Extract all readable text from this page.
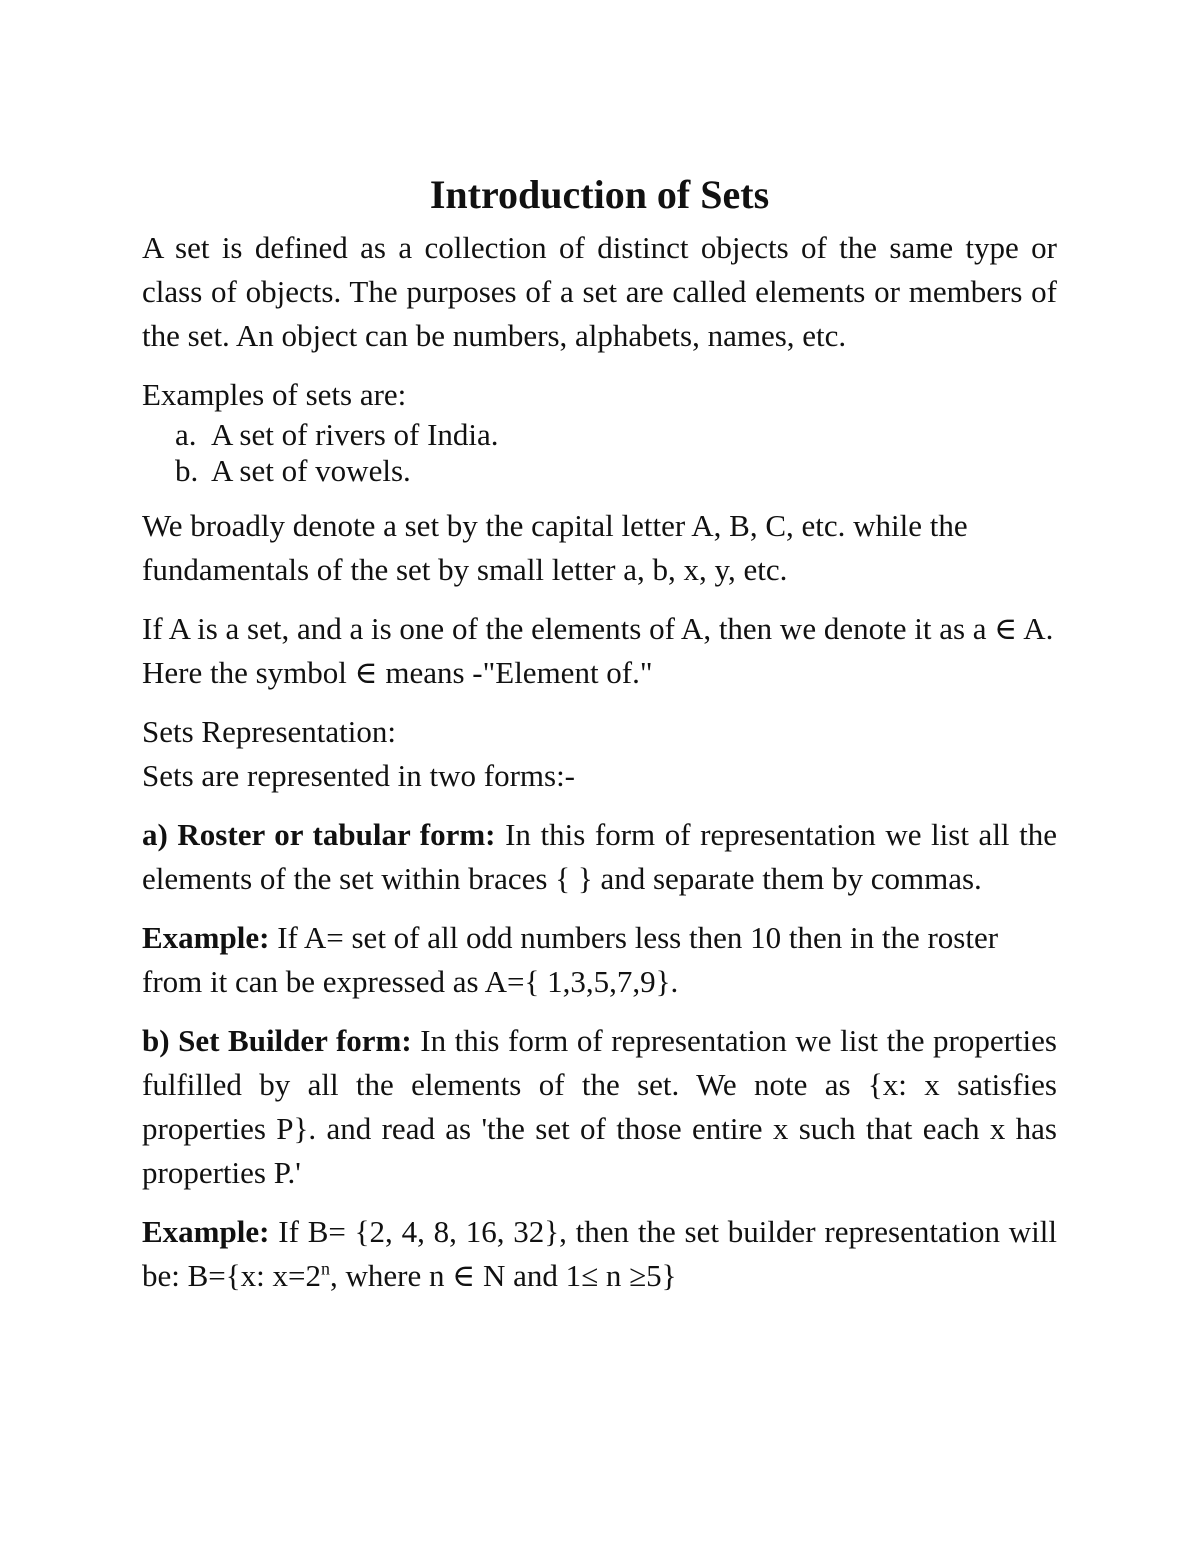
Introduction of Sets

A set is defined as a collection of distinct objects of the same type or class of objects. The purposes of a set are called elements or members of the set. An object can be numbers, alphabets, names, etc.

Examples of sets are:

a. A set of rivers of India.
b. A set of vowels.

We broadly denote a set by the capital letter A, B, C, etc. while the fundamentals of the set by small letter a, b, x, y, etc.

If A is a set, and a is one of the elements of A, then we denote it as a ∈ A. Here the symbol ∈ means -"Element of."

Sets Representation:

Sets are represented in two forms:-

a) Roster or tabular form: In this form of representation we list all the elements of the set within braces { } and separate them by commas.

Example: If A= set of all odd numbers less then 10 then in the roster from it can be expressed as A={ 1,3,5,7,9}.

b) Set Builder form: In this form of representation we list the properties fulfilled by all the elements of the set. We note as {x: x satisfies properties P}. and read as 'the set of those entire x such that each x has properties P.'

Example: If B= {2, 4, 8, 16, 32}, then the set builder representation will be: B={x: $x=2^n$, where n ∈ N and 1≤ n ≥5}
